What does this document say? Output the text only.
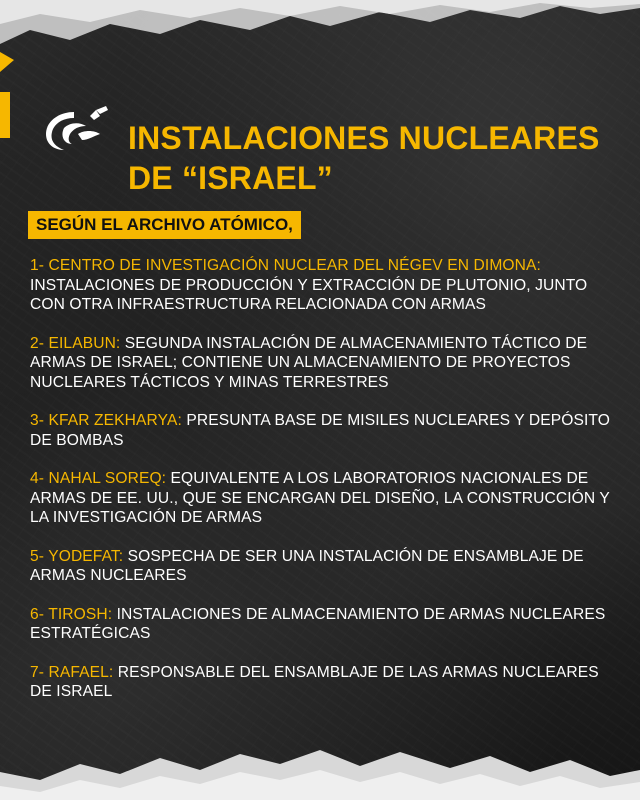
INSTALACIONES NUCLEARES DE “ISRAEL”
SEGÚN EL ARCHIVO ATÓMICO,
1- CENTRO DE INVESTIGACIÓN NUCLEAR DEL NÉGEV EN DIMONA: INSTALACIONES DE PRODUCCIÓN Y EXTRACCIÓN DE PLUTONIO, JUNTO CON OTRA INFRAESTRUCTURA RELACIONADA CON ARMAS
2- EILABUN: SEGUNDA INSTALACIÓN DE ALMACENAMIENTO TÁCTICO DE ARMAS DE ISRAEL; CONTIENE UN ALMACENAMIENTO DE PROYECTOS NUCLEARES TÁCTICOS Y MINAS TERRESTRES
3- KFAR ZEKHARYA: PRESUNTA BASE DE MISILES NUCLEARES Y DEPÓSITO DE BOMBAS
4- NAHAL SOREQ: EQUIVALENTE A LOS LABORATORIOS NACIONALES DE ARMAS DE EE. UU., QUE SE ENCARGAN DEL DISEÑO, LA CONSTRUCCIÓN Y LA INVESTIGACIÓN DE ARMAS
5- YODEFAT: SOSPECHA DE SER UNA INSTALACIÓN DE ENSAMBLAJE DE ARMAS NUCLEARES
6- TIROSH: INSTALACIONES DE ALMACENAMIENTO DE ARMAS NUCLEARES ESTRATÉGICAS
7- RAFAEL: RESPONSABLE DEL ENSAMBLAJE DE LAS ARMAS NUCLEARES DE ISRAEL
